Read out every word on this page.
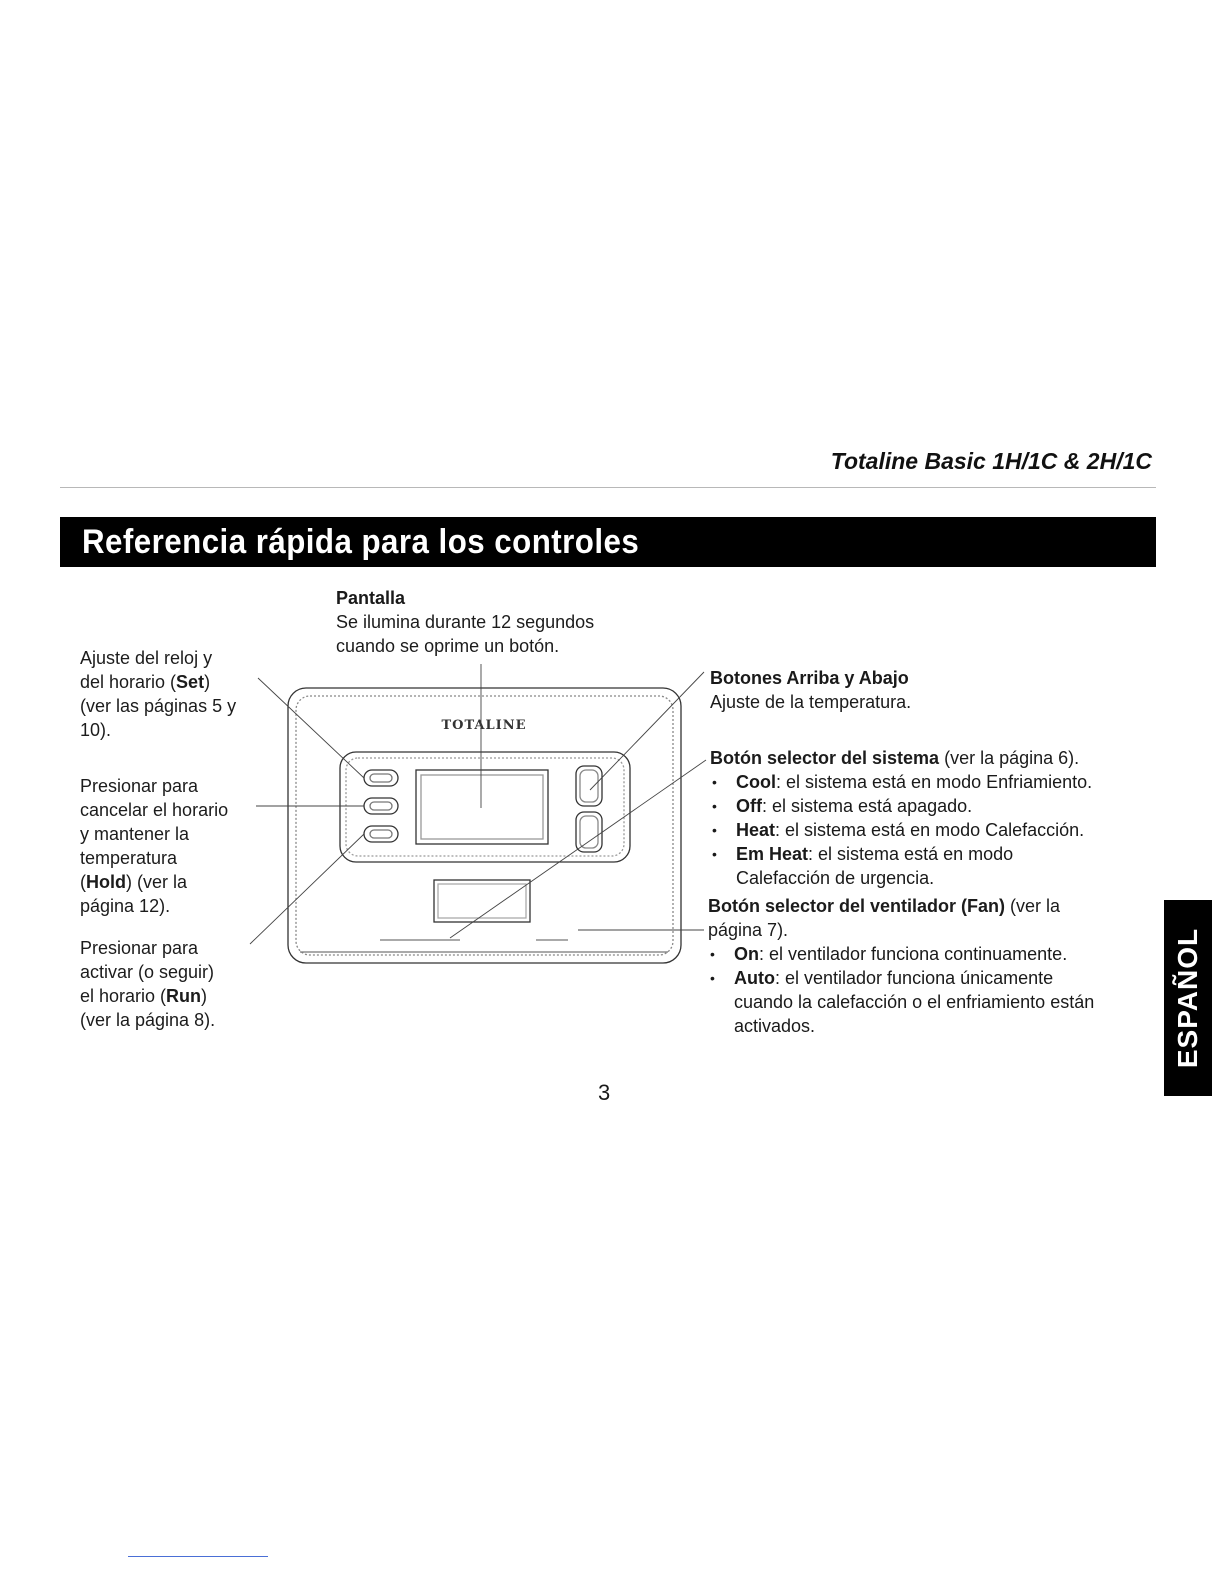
Totaline Basic 1H/1C & 2H/1C
Referencia rápida para los controles
Pantalla
Se ilumina durante 12 segundos
cuando se oprime un botón.
Ajuste del reloj y
del horario (Set)
(ver las páginas 5 y
10).
Presionar para
cancelar el horario
y mantener la
temperatura
(Hold) (ver la
página 12).
Presionar para
activar (o seguir)
el horario (Run)
(ver la página 8).
Botones Arriba y Abajo
Ajuste de la temperatura.
Botón selector del sistema (ver la página 6).
• Cool: el sistema está en modo Enfriamiento.
• Off: el sistema está apagado.
• Heat: el sistema está en modo Calefacción.
• Em Heat: el sistema está en modo
Calefacción de urgencia.
Botón selector del ventilador (Fan) (ver la
página 7).
• On: el ventilador funciona continuamente.
• Auto: el ventilador funciona únicamente
cuando la calefacción o el enfriamiento están
activados.
TOTALINE
3
ESPAÑOL
